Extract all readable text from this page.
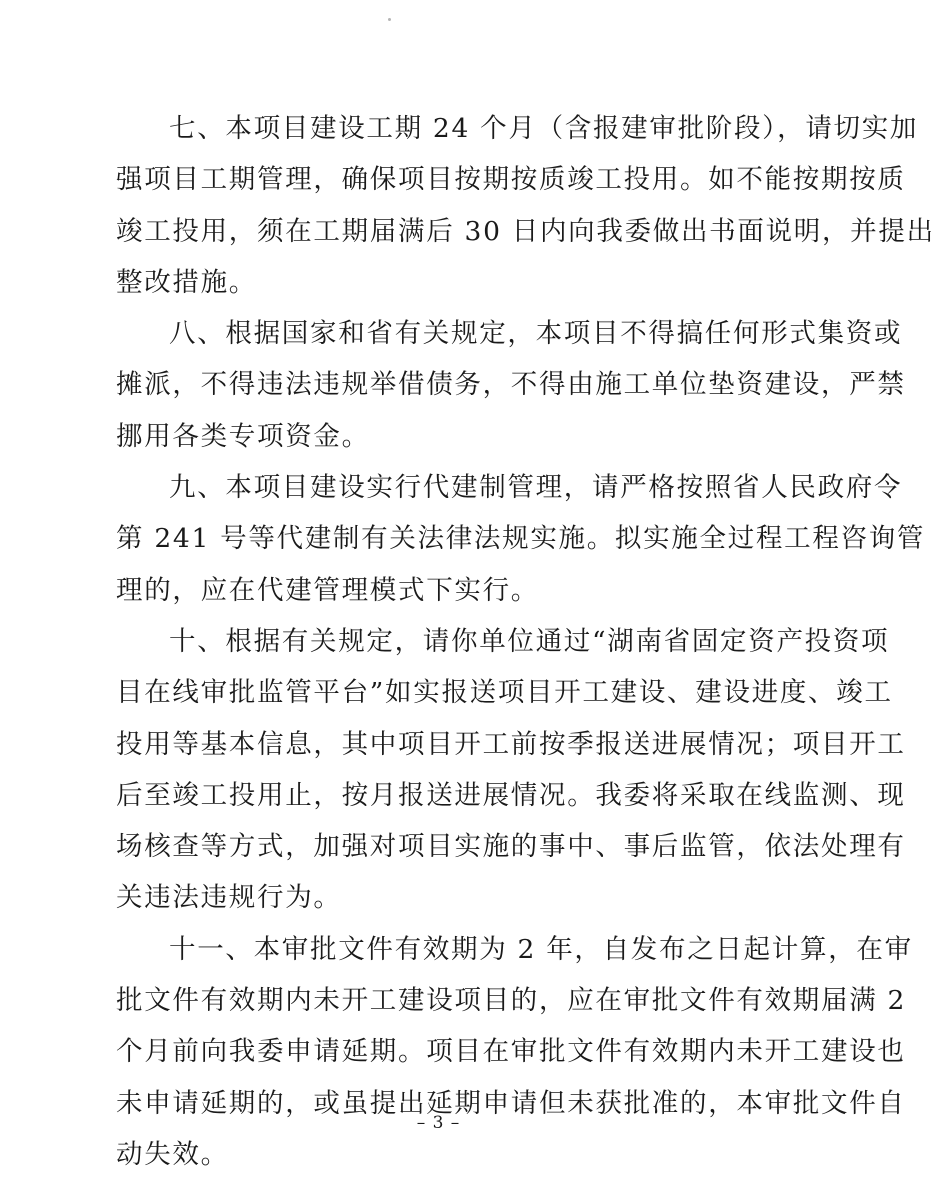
七、本项目建设工期 24 个月（含报建审批阶段），请切实加
强项目工期管理，确保项目按期按质竣工投用。如不能按期按质
竣工投用，须在工期届满后 30 日内向我委做出书面说明，并提出
整改措施。
八、根据国家和省有关规定，本项目不得搞任何形式集资或
摊派，不得违法违规举借债务，不得由施工单位垫资建设，严禁
挪用各类专项资金。
九、本项目建设实行代建制管理，请严格按照省人民政府令
第 241 号等代建制有关法律法规实施。拟实施全过程工程咨询管
理的，应在代建管理模式下实行。
十、根据有关规定，请你单位通过“湖南省固定资产投资项
目在线审批监管平台”如实报送项目开工建设、建设进度、竣工
投用等基本信息，其中项目开工前按季报送进展情况；项目开工
后至竣工投用止，按月报送进展情况。我委将采取在线监测、现
场核查等方式，加强对项目实施的事中、事后监管，依法处理有
关违法违规行为。
十一、本审批文件有效期为 2 年，自发布之日起计算，在审
批文件有效期内未开工建设项目的，应在审批文件有效期届满 2
个月前向我委申请延期。项目在审批文件有效期内未开工建设也
未申请延期的，或虽提出延期申请但未获批准的，本审批文件自
动失效。
– 3 –
